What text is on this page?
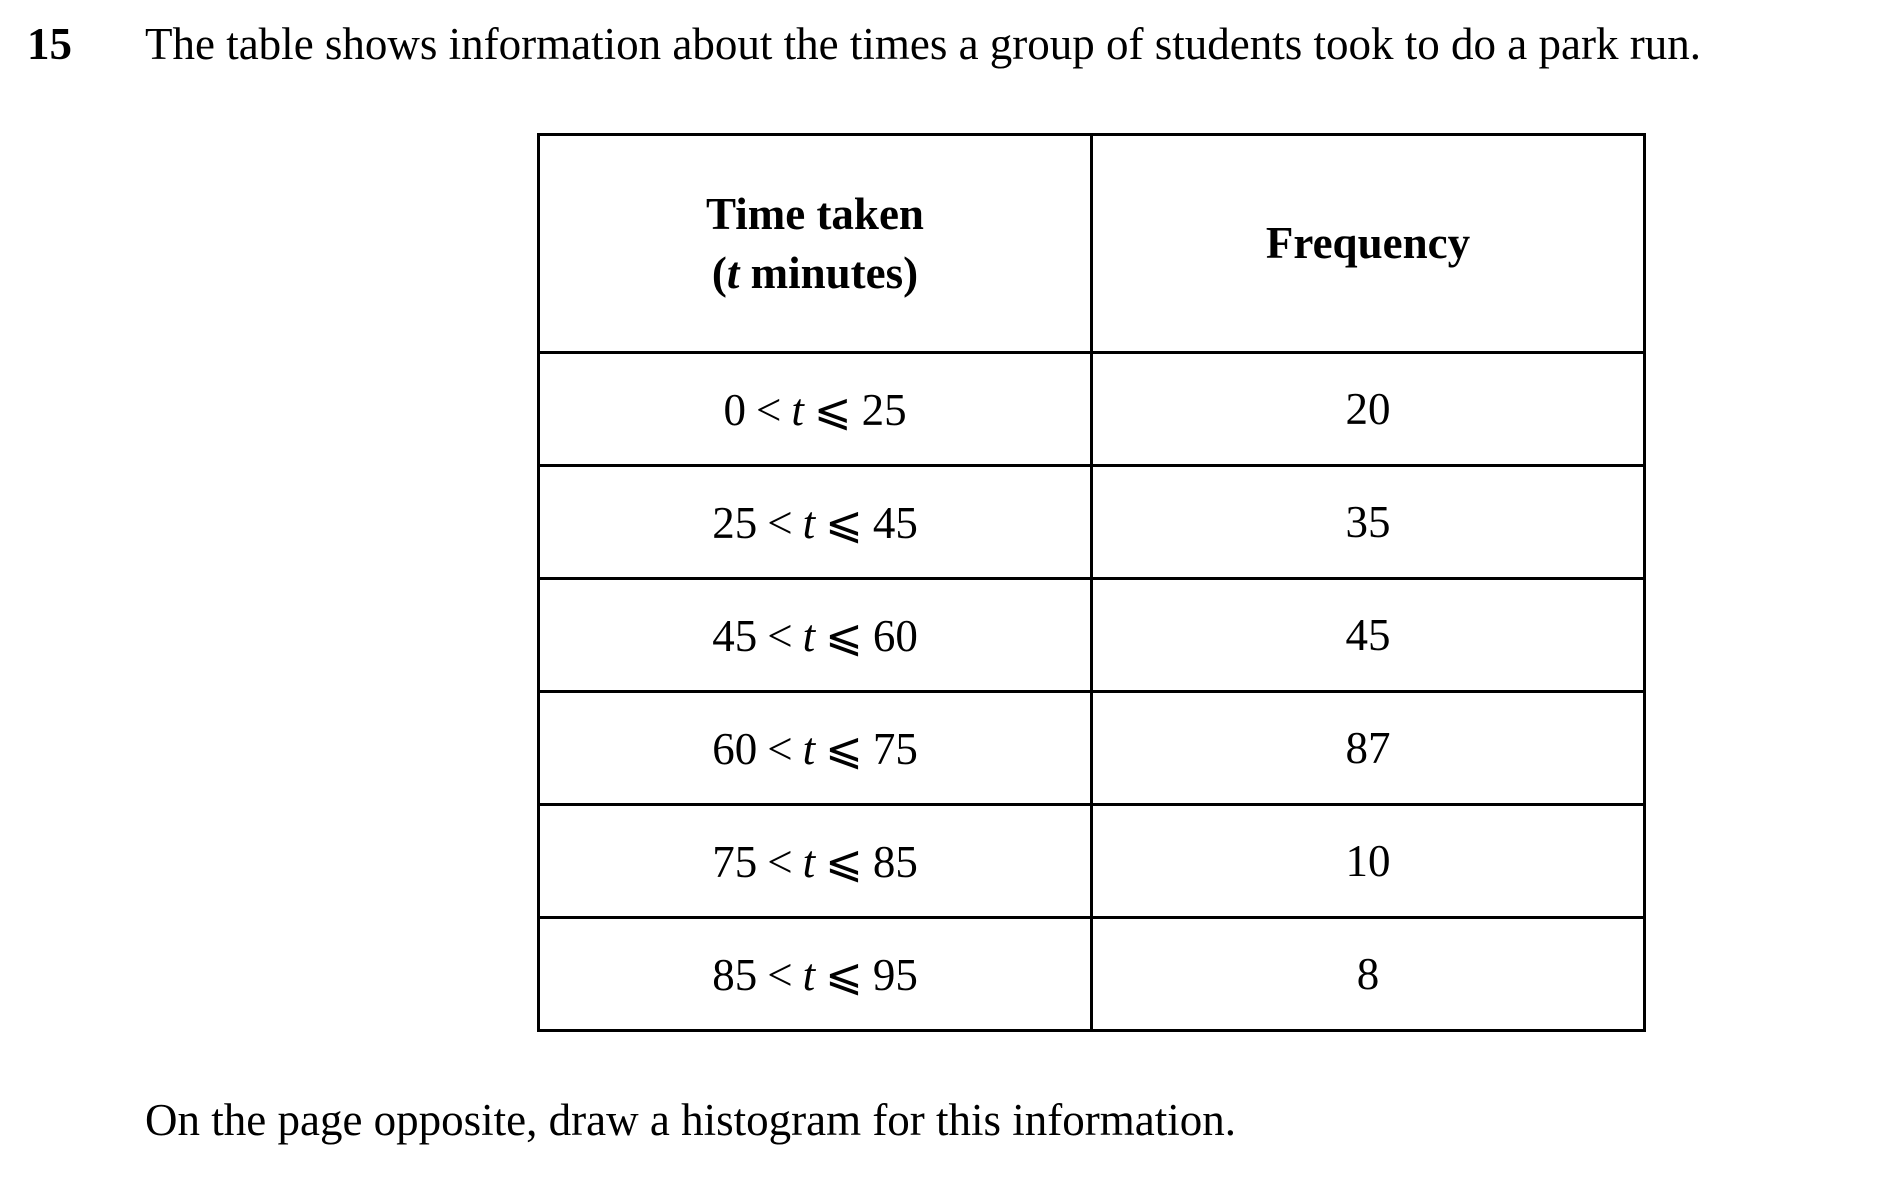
15 The table shows information about the times a group of students took to do a park run.
Time taken
(t minutes)	Frequency
0 < t ⩽ 25	20
25 < t ⩽ 45	35
45 < t ⩽ 60	45
60 < t ⩽ 75	87
75 < t ⩽ 85	10
85 < t ⩽ 95	8
On the page opposite, draw a histogram for this information.
